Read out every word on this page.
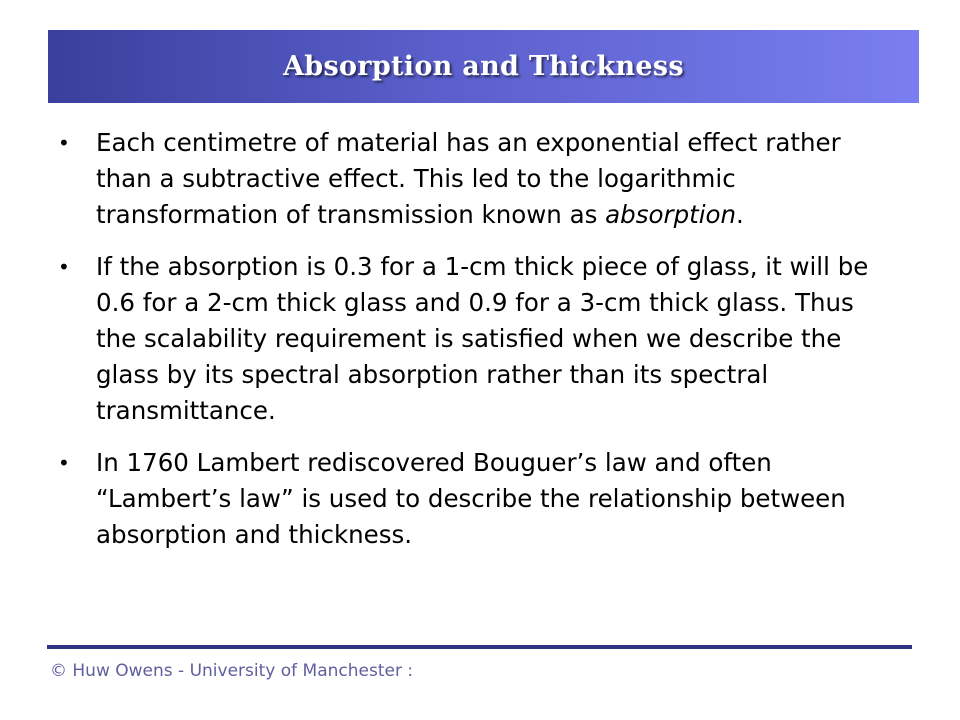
Absorption and Thickness
• Each centimetre of material has an exponential effect rather than a subtractive effect. This led to the logarithmic transformation of transmission known as absorption.
• If the absorption is 0.3 for a 1-cm thick piece of glass, it will be 0.6 for a 2-cm thick glass and 0.9 for a 3-cm thick glass. Thus the scalability requirement is satisfied when we describe the glass by its spectral absorption rather than its spectral transmittance.
• In 1760 Lambert rediscovered Bouguer’s law and often “Lambert’s law” is used to describe the relationship between absorption and thickness.
© Huw Owens - University of Manchester :
